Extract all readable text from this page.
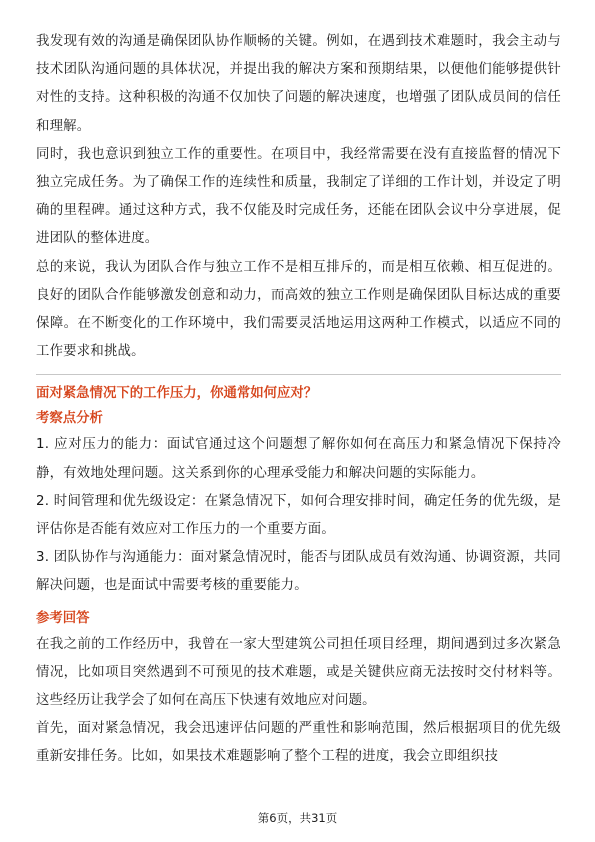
我发现有效的沟通是确保团队协作顺畅的关键。例如，在遇到技术难题时，我会主动与技术团队沟通问题的具体状况，并提出我的解决方案和预期结果，以便他们能够提供针对性的支持。这种积极的沟通不仅加快了问题的解决速度，也增强了团队成员间的信任和理解。

同时，我也意识到独立工作的重要性。在项目中，我经常需要在没有直接监督的情况下独立完成任务。为了确保工作的连续性和质量，我制定了详细的工作计划，并设定了明确的里程碑。通过这种方式，我不仅能及时完成任务，还能在团队会议中分享进展，促进团队的整体进度。

总的来说，我认为团队合作与独立工作不是相互排斥的，而是相互依赖、相互促进的。良好的团队合作能够激发创意和动力，而高效的独立工作则是确保团队目标达成的重要保障。在不断变化的工作环境中，我们需要灵活地运用这两种工作模式，以适应不同的工作要求和挑战。

面对紧急情况下的工作压力，你通常如何应对？

考察点分析

1. 应对压力的能力：面试官通过这个问题想了解你如何在高压力和紧急情况下保持冷静，有效地处理问题。这关系到你的心理承受能力和解决问题的实际能力。

2. 时间管理和优先级设定：在紧急情况下，如何合理安排时间，确定任务的优先级，是评估你是否能有效应对工作压力的一个重要方面。

3. 团队协作与沟通能力：面对紧急情况时，能否与团队成员有效沟通、协调资源，共同解决问题，也是面试中需要考核的重要能力。

参考回答

在我之前的工作经历中，我曾在一家大型建筑公司担任项目经理，期间遇到过多次紧急情况，比如项目突然遇到不可预见的技术难题，或是关键供应商无法按时交付材料等。这些经历让我学会了如何在高压下快速有效地应对问题。

首先，面对紧急情况，我会迅速评估问题的严重性和影响范围，然后根据项目的优先级重新安排任务。比如，如果技术难题影响了整个工程的进度，我会立即组织技

第6页，共31页
